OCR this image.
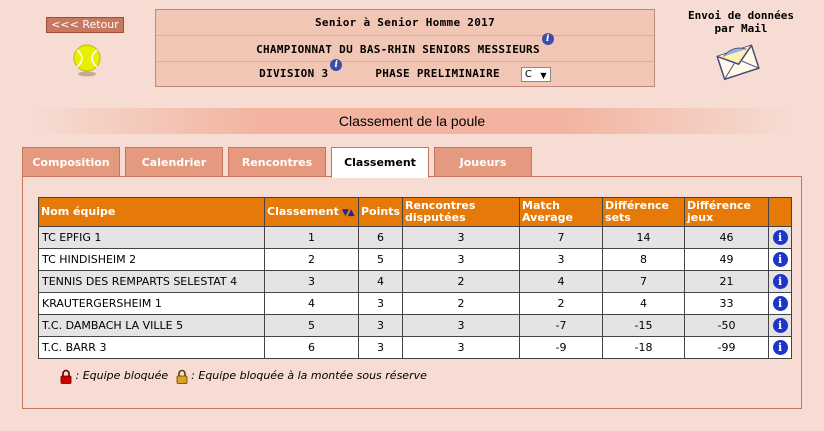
<<< Retour	Senior à Senior Homme 2017
CHAMPIONNAT DU BAS-RHIN SENIORS MESSIEURSi
DIVISION 3i PHASE PRELIMINAIRE C ▼
Envoi de données
par Mail
Classement de la poule
Composition	Calendrier	Rencontres	Classement	Joueurs
Nom équipe	Classement ▼▲	Points	Rencontres disputées	Match Average	Différence sets	Différence jeux	
TC EPFIG 1	1	6	3	7	14	46	i
TC HINDISHEIM 2	2	5	3	3	8	49	i
TENNIS DES REMPARTS SELESTAT 4	3	4	2	4	7	21	i
KRAUTERGERSHEIM 1	4	3	2	2	4	33	i
T.C. DAMBACH LA VILLE 5	5	3	3	-7	-15	-50	i
T.C. BARR 3	6	3	3	-9	-18	-99	i
: Equipe bloquée : Equipe bloquée à la montée sous réserve
